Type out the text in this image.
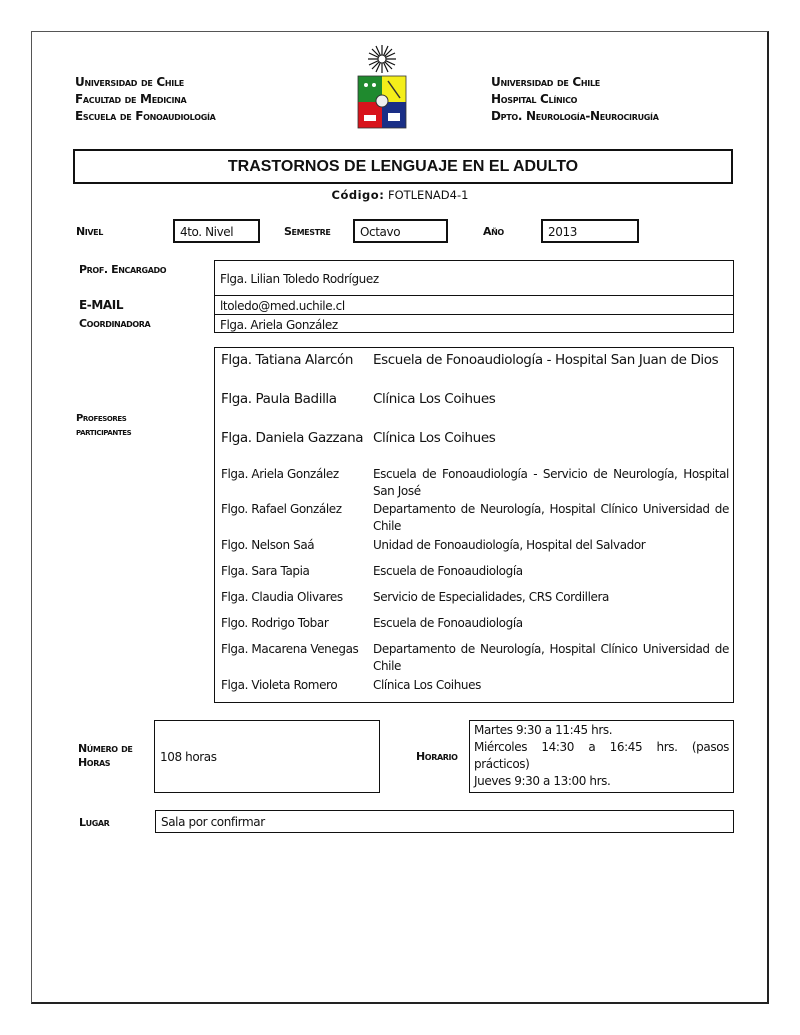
Universidad de Chile
Facultad de Medicina
Escuela de Fonoaudiología
Universidad de Chile
Hospital Clínico
Dpto. Neurología-Neurocirugía
TRASTORNOS DE LENGUAJE EN EL ADULTO
Código: FOTLENAD4-1
Nivel	4to. Nivel	Semestre	Octavo	Año	2013
Prof. Encargado
Flga. Lilian Toledo Rodríguez
E-MAIL	ltoledo@med.uchile.cl
Coordinadora	Flga. Ariela González
Profesores
participantes
Flga. Tatiana Alarcón	Escuela de Fonoaudiología - Hospital San Juan de Dios
Flga. Paula Badilla	Clínica Los Coihues
Flga. Daniela Gazzana Clínica Los Coihues
Flga. Ariela González	Escuela de Fonoaudiología - Servicio de Neurología, Hospital San José
Flgo. Rafael González	Departamento de Neurología, Hospital Clínico Universidad de Chile
Flgo. Nelson Saá	Unidad de Fonoaudiología, Hospital del Salvador
Flga. Sara Tapia	Escuela de Fonoaudiología
Flga. Claudia Olivares	Servicio de Especialidades, CRS Cordillera
Flgo. Rodrigo Tobar	Escuela de Fonoaudiología
Flga. Macarena Venegas	Departamento de Neurología, Hospital Clínico Universidad de Chile
Flga. Violeta Romero	Clínica Los Coihues
Número de
Horas	108 horas	Horario
Martes 9:30 a 11:45 hrs.
Miércoles 14:30 a 16:45 hrs. (pasos prácticos)
Jueves 9:30 a 13:00 hrs.
Lugar	Sala por confirmar
